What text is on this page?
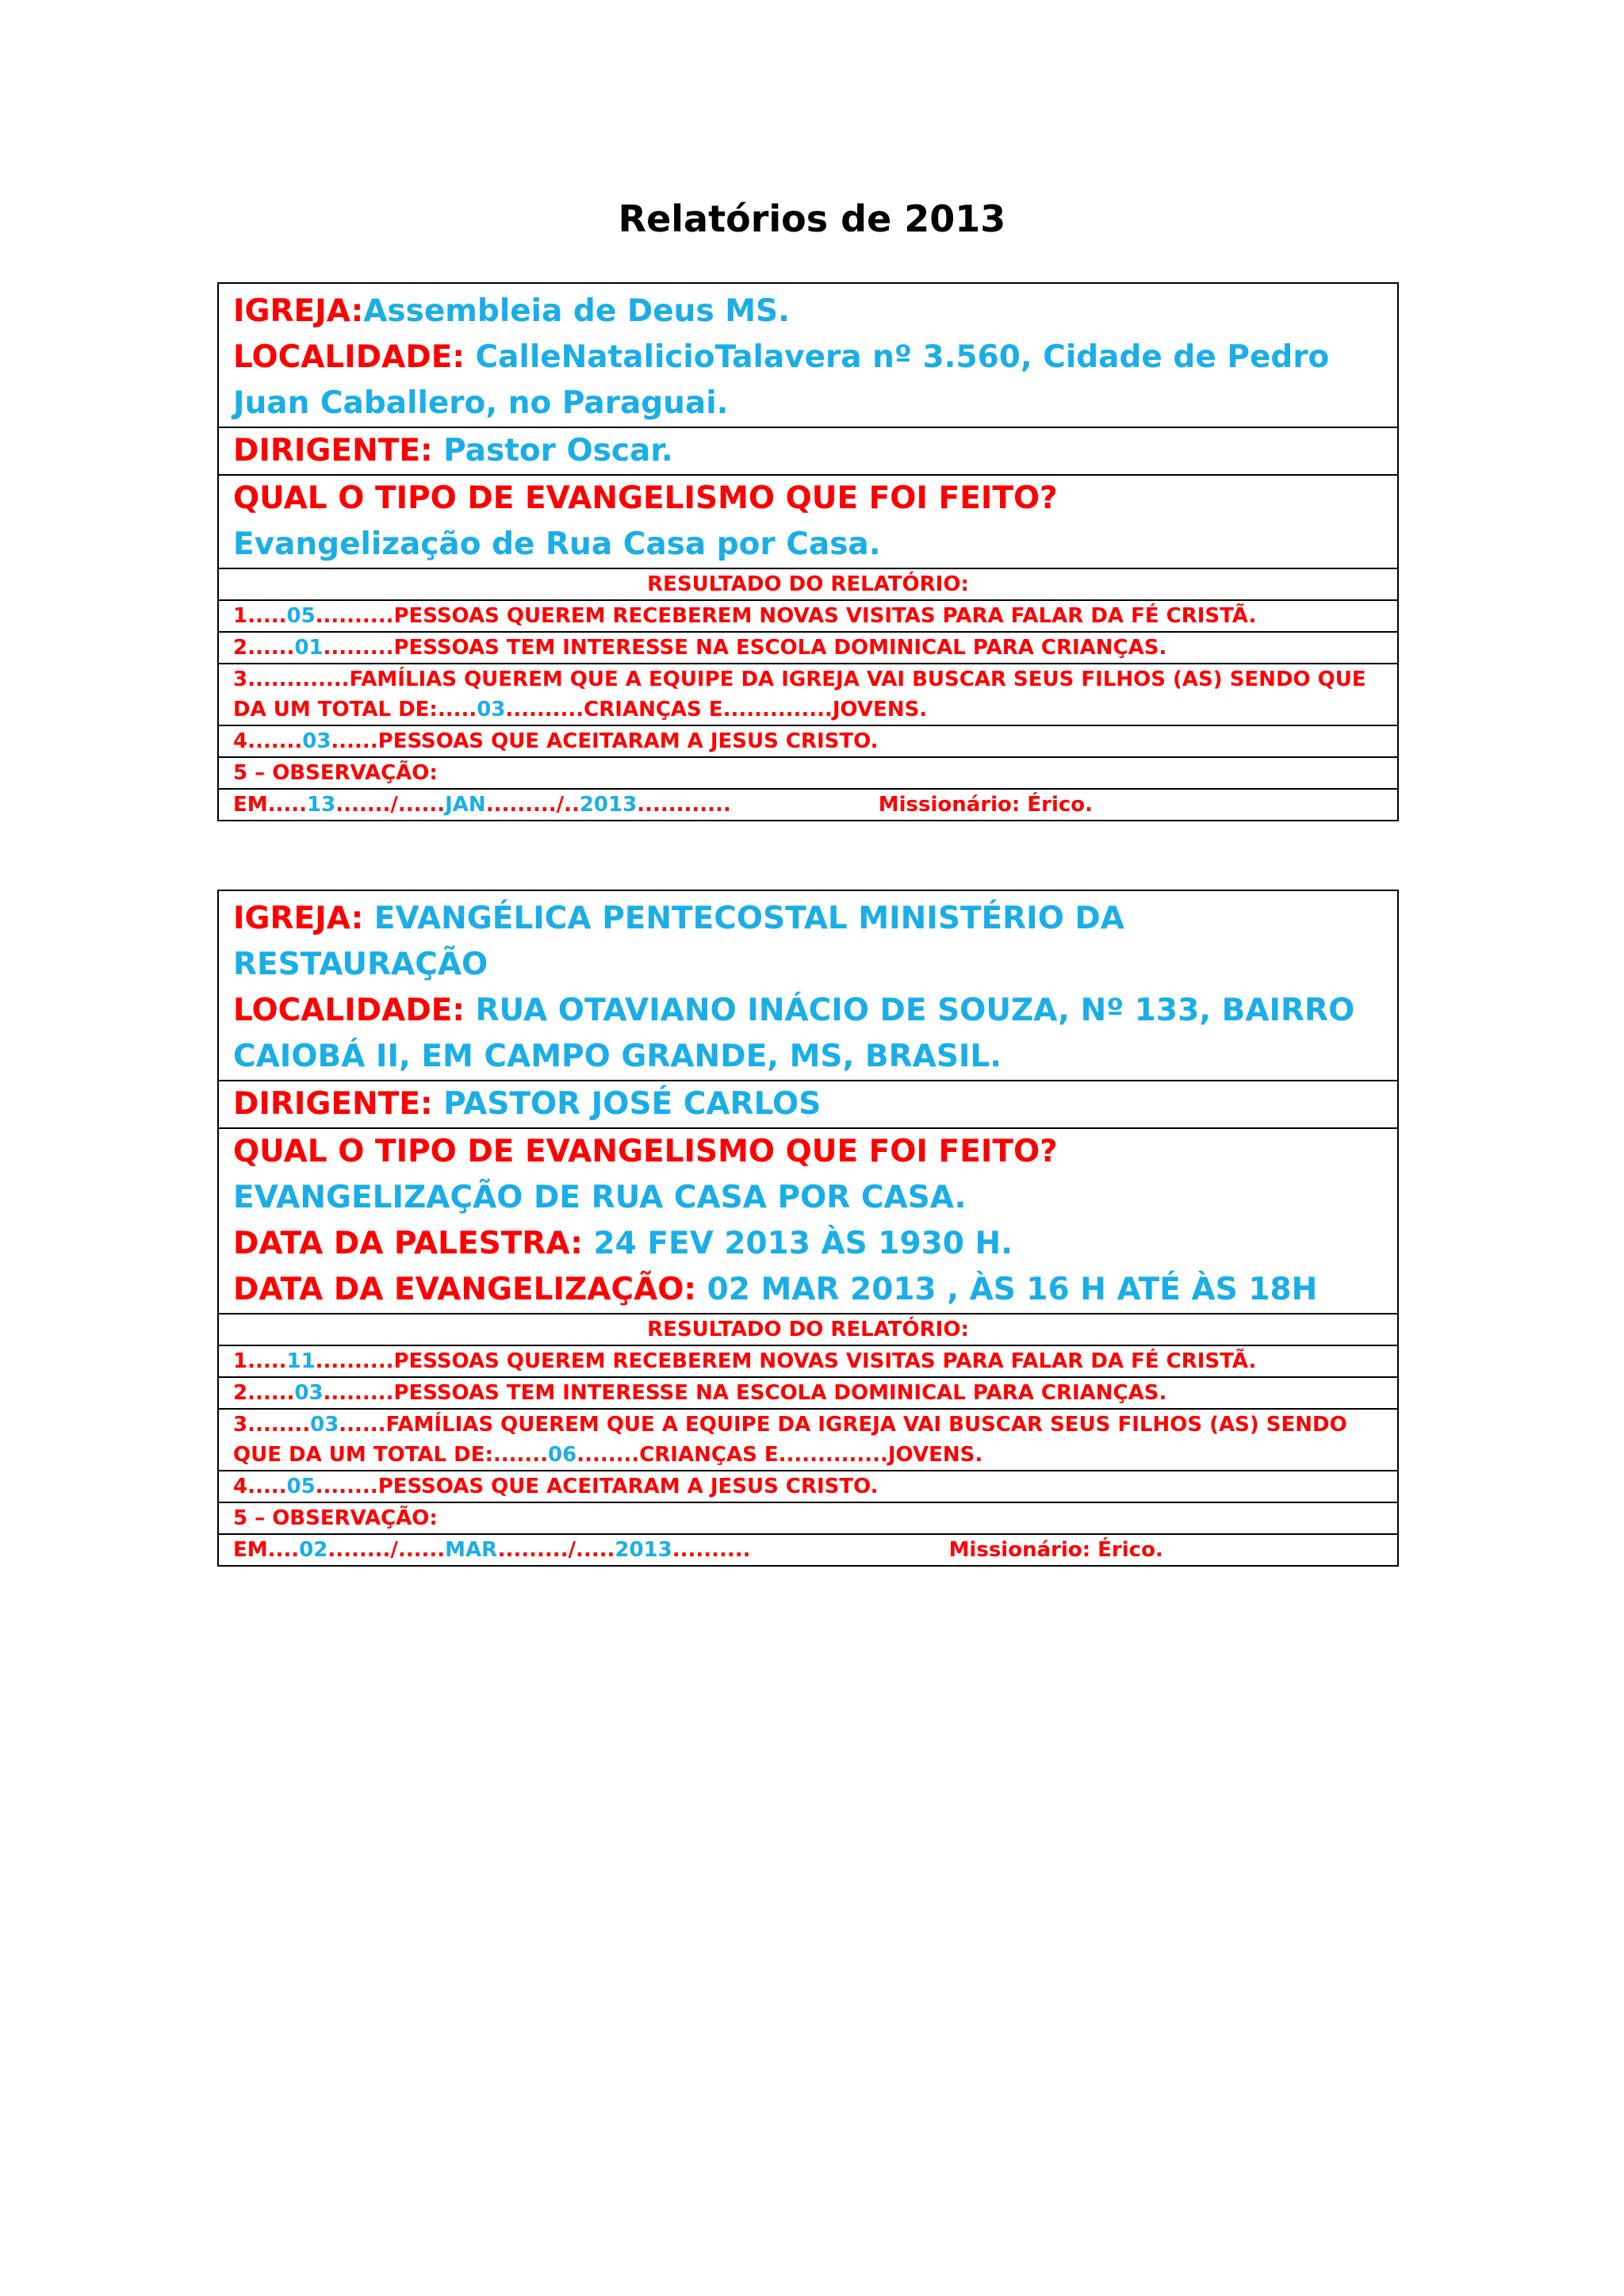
Relatórios de 2013
IGREJA:Assembleia de Deus MS.
LOCALIDADE: CalleNatalicioTalavera nº 3.560, Cidade de Pedro Juan Caballero, no Paraguai.

DIRIGENTE: Pastor Oscar.

QUAL O TIPO DE EVANGELISMO QUE FOI FEITO?
Evangelização de Rua Casa por Casa.

RESULTADO DO RELATÓRIO:
1.....05..........PESSOAS QUEREM RECEBEREM NOVAS VISITAS PARA FALAR DA FÉ CRISTÃ.
2......01.........PESSOAS TEM INTERESSE NA ESCOLA DOMINICAL PARA CRIANÇAS.
3.............FAMÍLIAS QUEREM QUE A EQUIPE DA IGREJA VAI BUSCAR SEUS FILHOS (AS) SENDO QUE DA UM TOTAL DE:.....03..........CRIANÇAS E..............JOVENS.
4.......03......PESSOAS QUE ACEITARAM A JESUS CRISTO.
5 – OBSERVAÇÃO:
EM.....13......./......JAN........./..2013............	Missionário: Érico.
IGREJA: EVANGÉLICA PENTECOSTAL MINISTÉRIO DA RESTAURAÇÃO
LOCALIDADE: RUA OTAVIANO INÁCIO DE SOUZA, Nº 133, BAIRRO CAIOBÁ II, EM CAMPO GRANDE, MS, BRASIL.

DIRIGENTE: PASTOR JOSÉ CARLOS

QUAL O TIPO DE EVANGELISMO QUE FOI FEITO?
EVANGELIZAÇÃO DE RUA CASA POR CASA.
DATA DA PALESTRA: 24 FEV 2013 ÀS 1930 H.
DATA DA EVANGELIZAÇÃO: 02 MAR 2013 , ÀS 16 H ATÉ ÀS 18H

RESULTADO DO RELATÓRIO:
1.....11..........PESSOAS QUEREM RECEBEREM NOVAS VISITAS PARA FALAR DA FÉ CRISTÃ.
2......03.........PESSOAS TEM INTERESSE NA ESCOLA DOMINICAL PARA CRIANÇAS.
3........03......FAMÍLIAS QUEREM QUE A EQUIPE DA IGREJA VAI BUSCAR SEUS FILHOS (AS) SENDO QUE DA UM TOTAL DE:.......06........CRIANÇAS E..............JOVENS.
4.....05........PESSOAS QUE ACEITARAM A JESUS CRISTO.
5 – OBSERVAÇÃO:
EM....02......../......MAR........./.....2013..........	Missionário: Érico.
